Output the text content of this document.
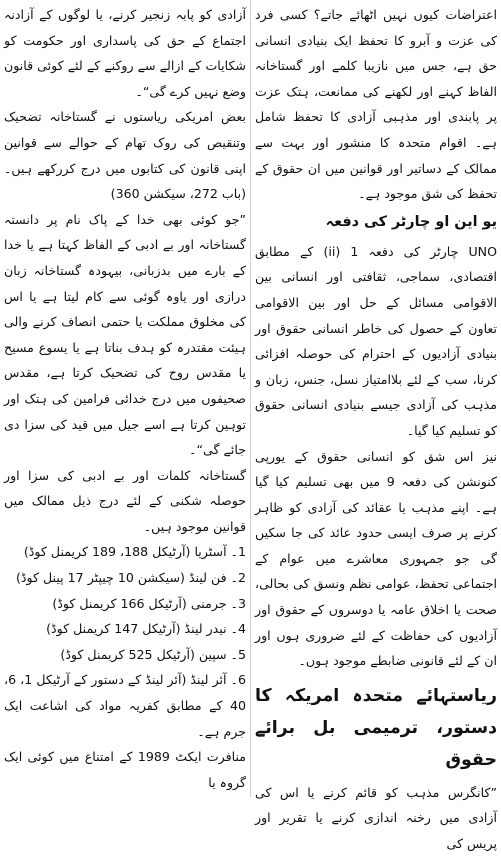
اعتراضات کیوں نہیں اٹھائے جاتے؟ کسی فرد کی عزت و آبرو کا تحفظ ایک بنیادی انسانی حق ہے، جس میں نازیبا کلمے اور گستاخانہ الفاظ کہنے اور لکھنے کی ممانعت، ہتک عزت پر پابندی اور مذہبی آزادی کا تحفظ شامل ہے۔ اقوام متحدہ کا منشور اور بہت سے ممالک کے دساتیر اور قوانین میں ان حقوق کے تحفظ کی شق موجود ہے۔

یو این او چارٹر کی دفعہ

UNO چارٹر کی دفعہ 1 (ii) کے مطابق اقتصادی، سماجی، ثقافتی اور انسانی بین الاقوامی مسائل کے حل اور بین الاقوامی تعاون کے حصول کی خاطر انسانی حقوق اور بنیادی آزادیوں کے احترام کی حوصلہ افزائی کرنا، سب کے لئے بلاامتیاز نسل، جنس، زبان و مذہب کی آزادی جیسے بنیادی انسانی حقوق کو تسلیم کیا گیا۔

نیز اس شق کو انسانی حقوق کے یورپی کنونشن کی دفعہ 9 میں بھی تسلیم کیا گیا ہے۔ اپنے مذہب یا عقائد کی آزادی کو ظاہر کرنے پر صرف ایسی حدود عائد کی جا سکیں گی جو جمہوری معاشرے میں عوام کے اجتماعی تحفظ، عوامی نظم ونسق کی بحالی، صحت یا اخلاق عامہ یا دوسروں کے حقوق اور آزادیوں کی حفاظت کے لئے ضروری ہوں اور ان کے لئے قانونی ضابطے موجود ہوں۔

ریاستہائے متحدہ امریکہ کا دستور، ترمیمی بل برائے حقوق

”کانگرس مذہب کو قائم کرنے یا اس کی آزادی میں رخنہ اندازی کرنے یا تقریر اور پریس کی

آزادی کو پابہ زنجیر کرنے، یا لوگوں کے آزادنہ اجتماع کے حق کی پاسداری اور حکومت کو شکایات کے ازالے سے روکنے کے لئے کوئی قانون وضع نہیں کرے گی“۔

بعض امریکی ریاستوں نے گستاخانہ تضحیک وتنقیص کی روک تھام کے حوالے سے قوانین اپنی قانون کی کتابوں میں درج کررکھے ہیں۔ (باب 272، سیکشن 360)

”جو کوئی بھی خدا کے پاک نام پر دانستہ گستاخانہ اور بے ادبی کے الفاظ کہتا ہے یا خدا کے بارے میں بدزبانی، بیہودہ گستاخانہ زبان درازی اور یاوہ گوئی سے کام لیتا ہے یا اس کی مخلوق مملکت یا حتمی انصاف کرنے والی ہیئت مقتدرہ کو ہدف بناتا ہے یا یسوع مسیح یا مقدس روح کی تضحیک کرتا ہے، مقدس صحیفوں میں درج خدائی فرامین کی ہتک اور توہین کرتا ہے اسے جیل میں قید کی سزا دی جائے گی“۔

گستاخانہ کلمات اور بے ادبی کی سزا اور حوصلہ شکنی کے لئے درج ذیل ممالک میں قوانین موجود ہیں۔

1۔ آسٹریا (آرٹیکل 188، 189 کریمنل کوڈ)
2۔ فن لینڈ (سیکشن 10 چیپٹر 17 پینل کوڈ)
3۔ جرمنی (آرٹیکل 166 کریمنل کوڈ)
4۔ نیدر لینڈ (آرٹیکل 147 کریمنل کوڈ)
5۔ سپین (آرٹیکل 525 کریمنل کوڈ)
6۔ آئر لینڈ (آئر لینڈ کے دستور کے آرٹیکل 1، 6، 40 کے مطابق کفریہ مواد کی اشاعت ایک جرم ہے۔
منافرت ایکٹ 1989 کے امتناع میں کوئی ایک گروہ یا
